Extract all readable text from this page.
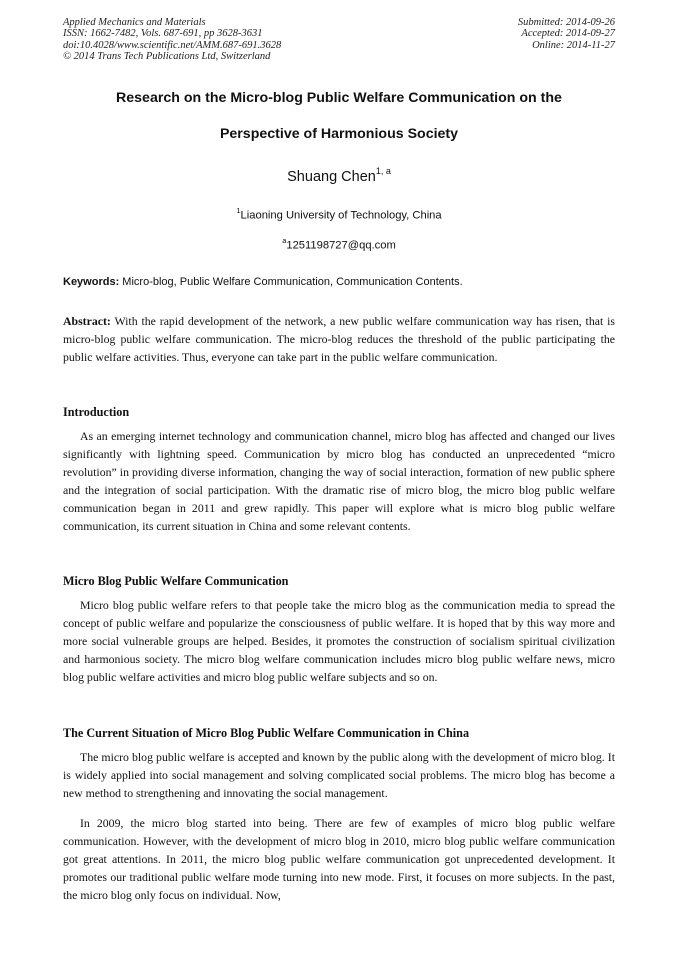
Applied Mechanics and Materials
ISSN: 1662-7482, Vols. 687-691, pp 3628-3631
doi:10.4028/www.scientific.net/AMM.687-691.3628
© 2014 Trans Tech Publications Ltd, Switzerland
Submitted: 2014-09-26
Accepted: 2014-09-27
Online: 2014-11-27
Research on the Micro-blog Public Welfare Communication on the
Perspective of Harmonious Society
Shuang Chen$^{1, a}$
$^1$Liaoning University of Technology, China
$^a$1251198727@qq.com
Keywords: Micro-blog, Public Welfare Communication, Communication Contents.

Abstract: With the rapid development of the network, a new public welfare communication way has risen, that is micro-blog public welfare communication. The micro-blog reduces the threshold of the public participating the public welfare activities. Thus, everyone can take part in the public welfare communication.

Introduction

As an emerging internet technology and communication channel, micro blog has affected and changed our lives significantly with lightning speed. Communication by micro blog has conducted an unprecedented “micro revolution” in providing diverse information, changing the way of social interaction, formation of new public sphere and the integration of social participation. With the dramatic rise of micro blog, the micro blog public welfare communication began in 2011 and grew rapidly. This paper will explore what is micro blog public welfare communication, its current situation in China and some relevant contents.

Micro Blog Public Welfare Communication

Micro blog public welfare refers to that people take the micro blog as the communication media to spread the concept of public welfare and popularize the consciousness of public welfare. It is hoped that by this way more and more social vulnerable groups are helped. Besides, it promotes the construction of socialism spiritual civilization and harmonious society. The micro blog welfare communication includes micro blog public welfare news, micro blog public welfare activities and micro blog public welfare subjects and so on.

The Current Situation of Micro Blog Public Welfare Communication in China

The micro blog public welfare is accepted and known by the public along with the development of micro blog. It is widely applied into social management and solving complicated social problems. The micro blog has become a new method to strengthening and innovating the social management.

In 2009, the micro blog started into being. There are few of examples of micro blog public welfare communication. However, with the development of micro blog in 2010, micro blog public welfare communication got great attentions. In 2011, the micro blog public welfare communication got unprecedented development. It promotes our traditional public welfare mode turning into new mode. First, it focuses on more subjects. In the past, the micro blog only focus on individual. Now,
